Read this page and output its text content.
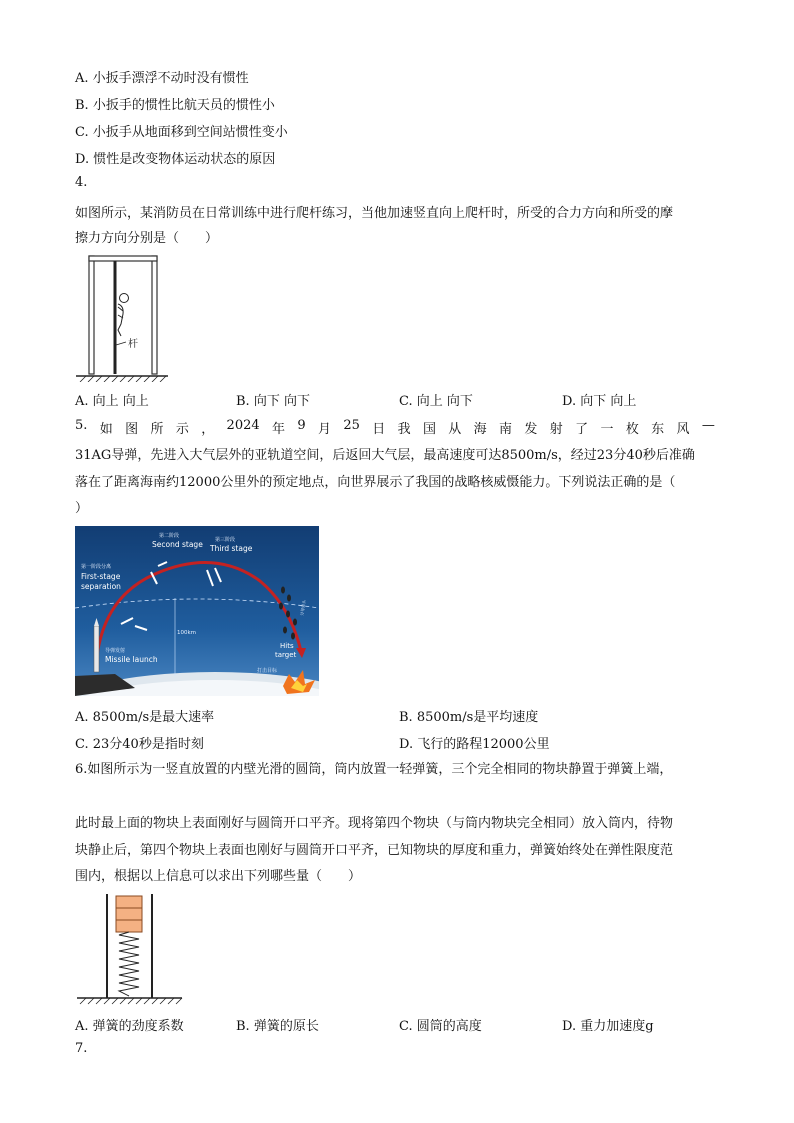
A. 小扳手漂浮不动时没有惯性
B. 小扳手的惯性比航天员的惯性小
C. 小扳手从地面移到空间站惯性变小
D. 惯性是改变物体运动状态的原因
4.
如图所示，某消防员在日常训练中进行爬杆练习，当他加速竖直向上爬杆时，所受的合力方向和所受的摩
擦力方向分别是（　　）
杆
A. 向上 向上	B. 向下 向下	C. 向上 向下	D. 向下 向上
5. 如 图 所 示 ， 2024 年 9 月 25 日 我 国 从 海 南 发 射 了 一 枚 东 风 —
31AG导弹，先进入大气层外的亚轨道空间，后返回大气层，最高速度可达8500m/s，经过23分40秒后准确
落在了距离海南约12000公里外的预定地点，向世界展示了我国的战略核威慑能力。下列说法正确的是（
）
100km
第二阶段
Second stage 第三阶段
Third stage
第一阶段分离
First-stage
separation
导弹发射
Missile launch
Hits
target
打击目标
分导弹头
A. 8500m/s是最大速率	B. 8500m/s是平均速度
C. 23分40秒是指时刻	D. 飞行的路程12000公里
6.如图所示为一竖直放置的内壁光滑的圆筒，筒内放置一轻弹簧，三个完全相同的物块静置于弹簧上端，
此时最上面的物块上表面刚好与圆筒开口平齐。现将第四个物块（与筒内物块完全相同）放入筒内，待物
块静止后，第四个物块上表面也刚好与圆筒开口平齐，已知物块的厚度和重力，弹簧始终处在弹性限度范
围内，根据以上信息可以求出下列哪些量（　　）
A. 弹簧的劲度系数	B. 弹簧的原长	C. 圆筒的高度	D. 重力加速度g
7.
